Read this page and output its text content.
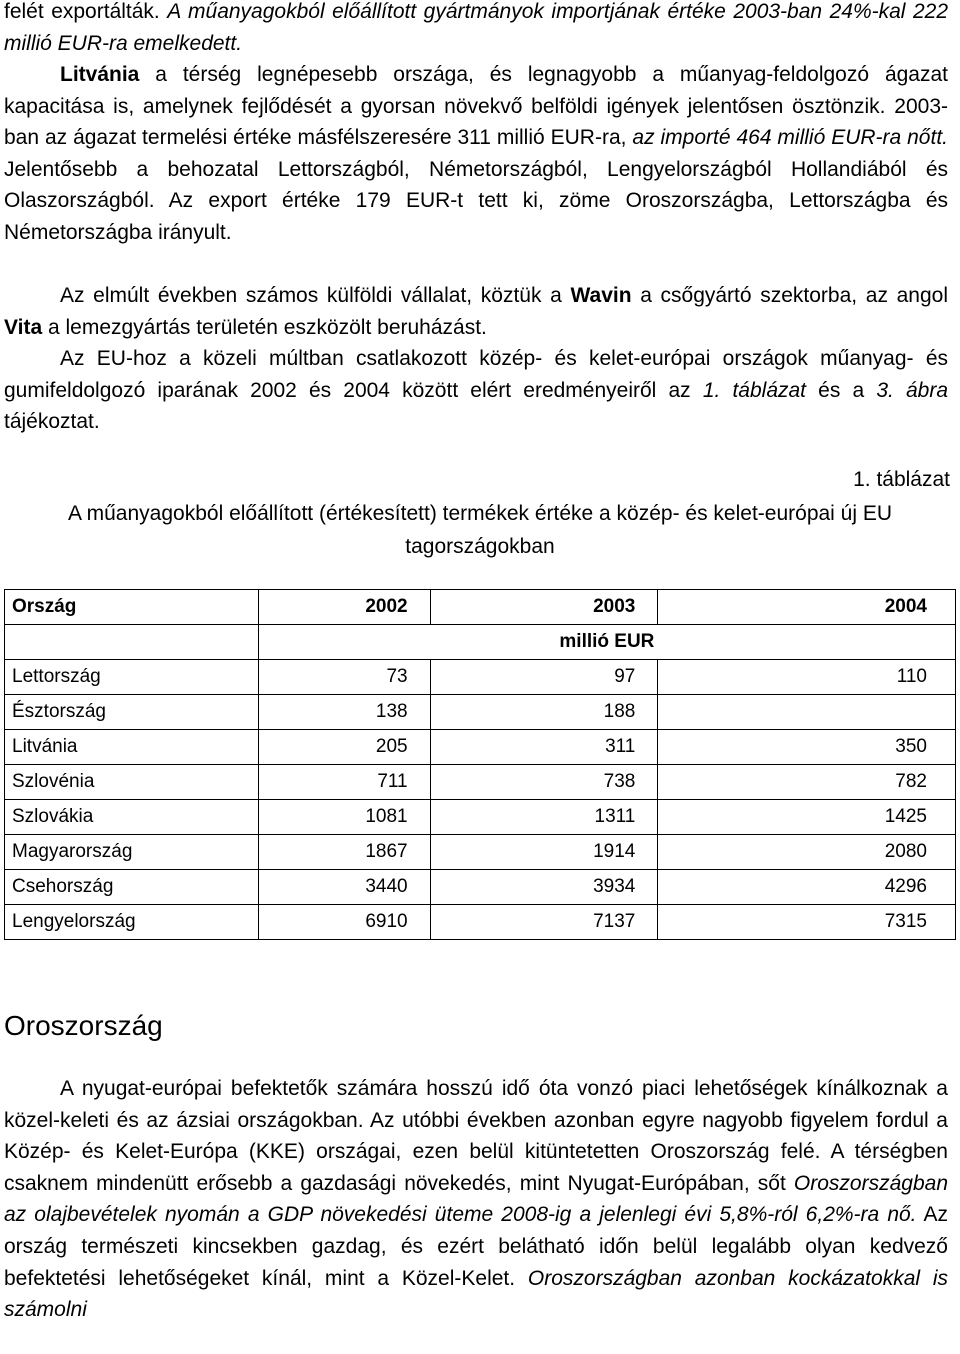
felét exportálták. A műanyagokból előállított gyártmányok importjának értéke 2003-ban 24%-kal 222 millió EUR-ra emelkedett.

Litvánia a térség legnépesebb országa, és legnagyobb a műanyag-feldolgozó ágazat kapacitása is, amelynek fejlődését a gyorsan növekvő belföldi igények jelentősen ösztönzik. 2003-ban az ágazat termelési értéke másfélszeresére 311 millió EUR-ra, az importé 464 millió EUR-ra nőtt. Jelentősebb a behozatal Lettországból, Németországból, Lengyelországból Hollandiából és Olaszországból. Az export értéke 179 EUR-t tett ki, zöme Oroszországba, Lettországba és Németországba irányult.

Az elmúlt években számos külföldi vállalat, köztük a Wavin a csőgyártó szektorba, az angol Vita a lemezgyártás területén eszközölt beruházást.

Az EU-hoz a közeli múltban csatlakozott közép- és kelet-európai országok műanyag- és gumifeldolgozó iparának 2002 és 2004 között elért eredményeiről az 1. táblázat és a 3. ábra tájékoztat.

1. táblázat
A műanyagokból előállított (értékesített) termékek értéke a közép- és kelet-európai új EU tagországokban
Ország	2002	2003	2004
	millió EUR		
Lettország	73	97	110
Észtország	138	188	
Litvánia	205	311	350
Szlovénia	711	738	782
Szlovákia	1081	1311	1425
Magyarország	1867	1914	2080
Csehország	3440	3934	4296
Lengyelország	6910	7137	7315
Oroszország

A nyugat-európai befektetők számára hosszú idő óta vonzó piaci lehetőségek kínálkoznak a közel-keleti és az ázsiai országokban. Az utóbbi években azonban egyre nagyobb figyelem fordul a Közép- és Kelet-Európa (KKE) országai, ezen belül kitüntetetten Oroszország felé. A térségben csaknem mindenütt erősebb a gazdasági növekedés, mint Nyugat-Európában, sőt Oroszországban az olajbevételek nyomán a GDP növekedési üteme 2008-ig a jelenlegi évi 5,8%-ról 6,2%-ra nő. Az ország természeti kincsekben gazdag, és ezért belátható időn belül legalább olyan kedvező befektetési lehetőségeket kínál, mint a Közel-Kelet. Oroszországban azonban kockázatokkal is számolni
